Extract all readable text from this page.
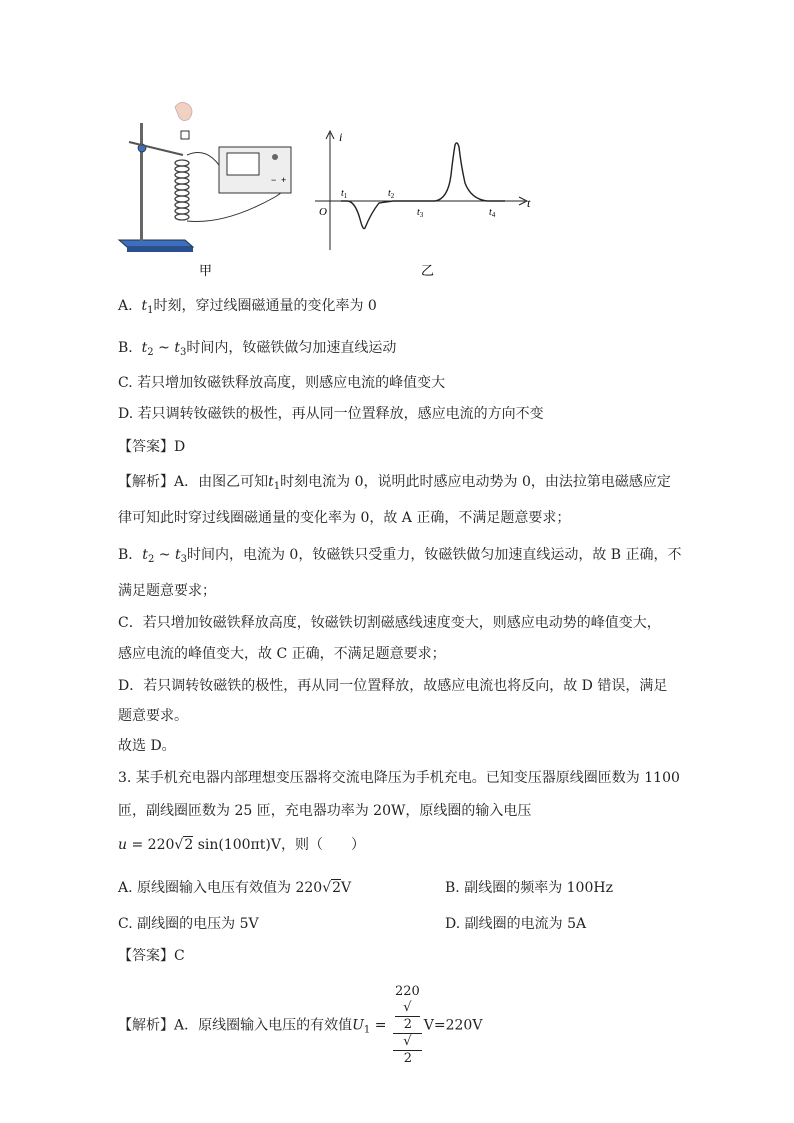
− +
i
t
O
$t_1$	$t_2$
$t_3$	$t_4$
甲	乙
A. $t_1$时刻，穿过线圈磁通量的变化率为 0
B. $t_2$ ~ $t_3$时间内，钕磁铁做匀加速直线运动
C. 若只增加钕磁铁释放高度，则感应电流的峰值变大
D. 若只调转钕磁铁的极性，再从同一位置释放，感应电流的方向不变
【答案】D
【解析】A．由图乙可知$t_1$时刻电流为 0，说明此时感应电动势为 0，由法拉第电磁感应定
律可知此时穿过线圈磁通量的变化率为 0，故 A 正确，不满足题意要求；
B．$t_2$ ~ $t_3$时间内，电流为 0，钕磁铁只受重力，钕磁铁做匀加速直线运动，故 B 正确，不
满足题意要求；
C．若只增加钕磁铁释放高度，钕磁铁切割磁感线速度变大，则感应电动势的峰值变大，
感应电流的峰值变大，故 C 正确，不满足题意要求；
D．若只调转钕磁铁的极性，再从同一位置释放，故感应电流也将反向，故 D 错误，满足
题意要求。
故选 D。
3. 某手机充电器内部理想变压器将交流电降压为手机充电。已知变压器原线圈匝数为 1100
匝，副线圈匝数为 25 匝，充电器功率为 20W，原线圈的输入电压
u = 220√2 sin(100πt)V，则（　　）
A. 原线圈输入电压有效值为 220√2V	B. 副线圈的频率为 100Hz
C. 副线圈的电压为 5V	D. 副线圈的电流为 5A
【答案】C
【解析】A．原线圈输入电压的有效值$U_1 = 220$
√
2
√
2 V=220V
